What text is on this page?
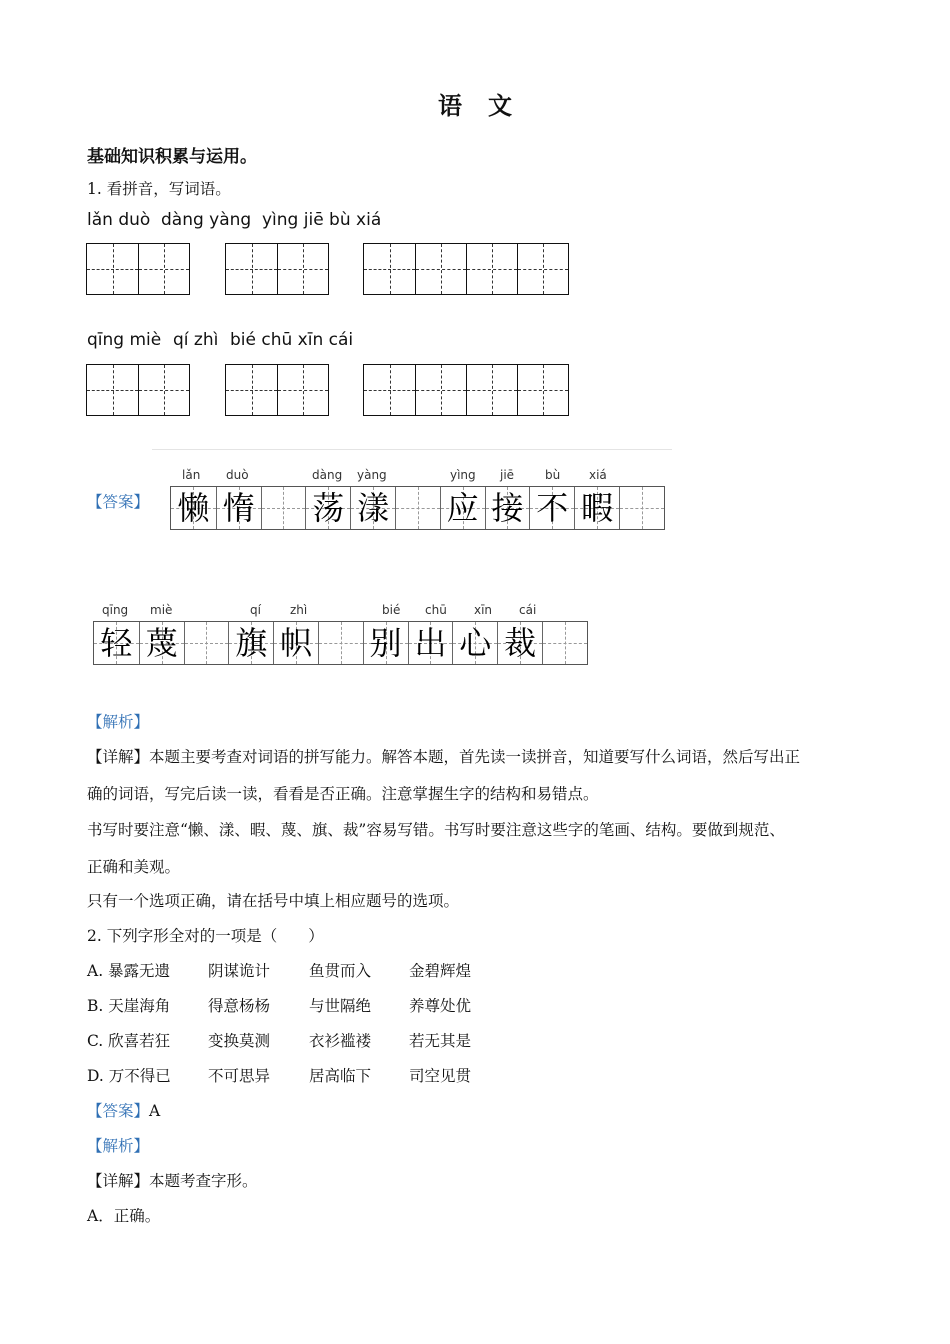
语文
基础知识积累与运用。
1. 看拼音，写词语。
lǎn duò dàng yàng yìng jiē bù xiá
qīng miè qí zhì bié chū xīn cái
【答案】
lǎn duò	dàng yàng	yìng jiē	bù xiá
懒 惰 荡 漾 应 接 不 暇
qīng miè	qí zhì	bié chū xīn cái
轻 蔑 旗 帜 别 出 心 裁
【解析】
【详解】本题主要考查对词语的拼写能力。解答本题，首先读一读拼音，知道要写什么词语，然后写出正
确的词语，写完后读一读，看看是否正确。注意掌握生字的结构和易错点。
书写时要注意“懒、漾、暇、蔑、旗、裁”容易写错。书写时要注意这些字的笔画、结构。要做到规范、
正确和美观。
只有一个选项正确，请在括号中填上相应题号的选项。
2. 下列字形全对的一项是（　　）
A. 暴露无遗 阴谋诡计	鱼贯而入 金碧辉煌
B. 天崖海角 得意杨杨	与世隔绝 养尊处优
C. 欣喜若狂 变换莫测	衣衫褴褛 若无其是
D. 万不得已 不可思异	居高临下 司空见贯
【答案】A
【解析】
【详解】本题考查字形。
A．正确。
